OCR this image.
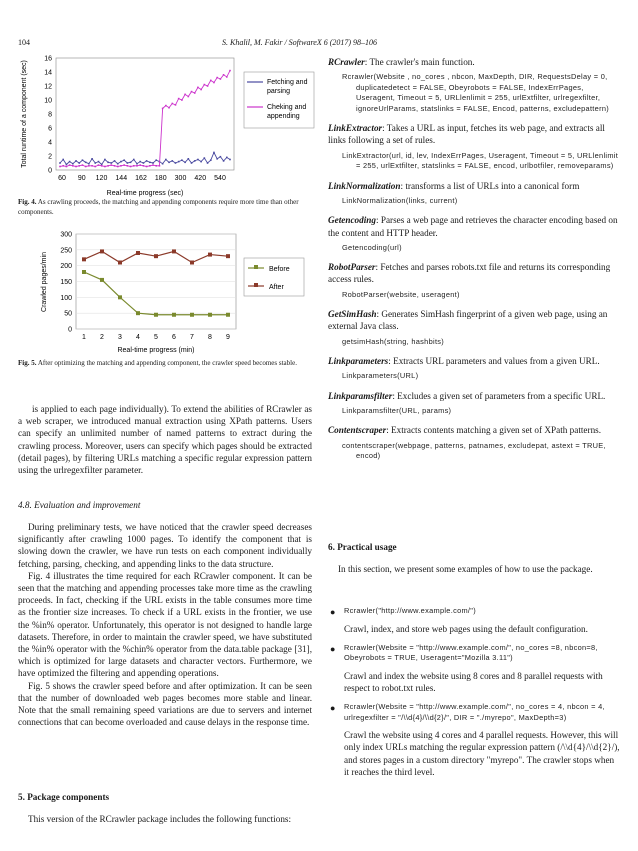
104	S. Khalil, M. Fakir / SoftwareX 6 (2017) 98–106
0
2
4
6
8
10
12
14
16
60 90 120 144 162 180 300 420 540
Total runtime of a component (sec)
Real-time progress (sec)
Fetching and
parsing
Cheking and
appending
Fig. 4. As crawling proceeds, the matching and appending components require more time than other components.
0
50
100
150
200
250
300
1 2 3 4 5 6 7 8 9
Crawled pages/min
Real-time progress (min)
Before
After
Fig. 5. After optimizing the matching and appending component, the crawler speed becomes stable.

is applied to each page individually). To extend the abilities of RCrawler as a web scraper, we introduced manual extraction using XPath patterns. Users can specify an unlimited number of named patterns to extract during the crawling process. Moreover, users can specify which pages should be extracted (detail pages), by filtering URLs matching a specific regular expression pattern using the urlregexfilter parameter.

4.8. Evaluation and improvement

During preliminary tests, we have noticed that the crawler speed decreases significantly after crawling 1000 pages. To identify the component that is slowing down the crawler, we have run tests on each component individually fetching, parsing, checking, and appending links to the data structure.

Fig. 4 illustrates the time required for each RCrawler component. It can be seen that the matching and appending processes take more time as the crawling proceeds. In fact, checking if the URL exists in the table consumes more time as the frontier size increases. To check if a URL exists in the frontier, we use the %in% operator. Unfortunately, this operator is not designed to handle large datasets. Therefore, in order to maintain the crawler speed, we have substituted the %in% operator with the %chin% operator from the data.table package [31], which is optimized for large datasets and character vectors. Furthermore, we have optimized the filtering and appending operations.

Fig. 5 shows the crawler speed before and after optimization. It can be seen that the number of downloaded web pages becomes more stable and linear. Note that the small remaining speed variations are due to servers and internet connections that can become overloaded and cause delays in the response time.

5. Package components

This version of the RCrawler package includes the following functions:

RCrawler: The crawler's main function.
Rcrawler(Website , no_cores , nbcon, MaxDepth, DIR, RequestsDelay = 0, duplicatedetect = FALSE, Obeyrobots = FALSE, IndexErrPages, Useragent, Timeout = 5, URLlenlimit = 255, urlExtfilter, urlregexfilter, ignoreUrlParams, statslinks = FALSE, Encod, patterns, excludepattern)
LinkExtractor: Takes a URL as input, fetches its web page, and extracts all links following a set of rules.
LinkExtractor(url, id, lev, IndexErrPages, Useragent, Timeout = 5, URLlenlimit = 255, urlExtfilter, statslinks = FALSE, encod, urlbotfiler, removeparams)
LinkNormalization: transforms a list of URLs into a canonical form
LinkNormalization(links, current)
Getencoding: Parses a web page and retrieves the character encoding based on the content and HTTP header.
Getencoding(url)
RobotParser: Fetches and parses robots.txt file and returns its corresponding access rules.
RobotParser(website, useragent)
GetSimHash: Generates SimHash fingerprint of a given web page, using an external Java class.
getsimHash(string, hashbits)
Linkparameters: Extracts URL parameters and values from a given URL.
Linkparameters(URL)
Linkparamsfilter: Excludes a given set of parameters from a specific URL.
Linkparamsfilter(URL, params)
Contentscraper: Extracts contents matching a given set of XPath patterns.
contentscraper(webpage, patterns, patnames, excludepat, astext = TRUE, encod)
6. Practical usage

In this section, we present some examples of how to use the package.

● Rcrawler("http://www.example.com/")
Crawl, index, and store web pages using the default configuration.
● Rcrawler(Website = "http://www.example.com/", no_cores =8, nbcon=8, Obeyrobots = TRUE, Useragent="Mozilla 3.11")
Crawl and index the website using 8 cores and 8 parallel requests with respect to robot.txt rules.
● Rcrawler(Website = "http://www.example.com/", no_cores = 4, nbcon = 4, urlregexfilter = "/\\d{4}/\\d{2}/", DIR = "./myrepo", MaxDepth=3)
Crawl the website using 4 cores and 4 parallel requests. However, this will only index URLs matching the regular expression pattern (/\\d{4}/\\d{2}/), and stores pages in a custom directory "myrepo". The crawler stops when it reaches the third level.
